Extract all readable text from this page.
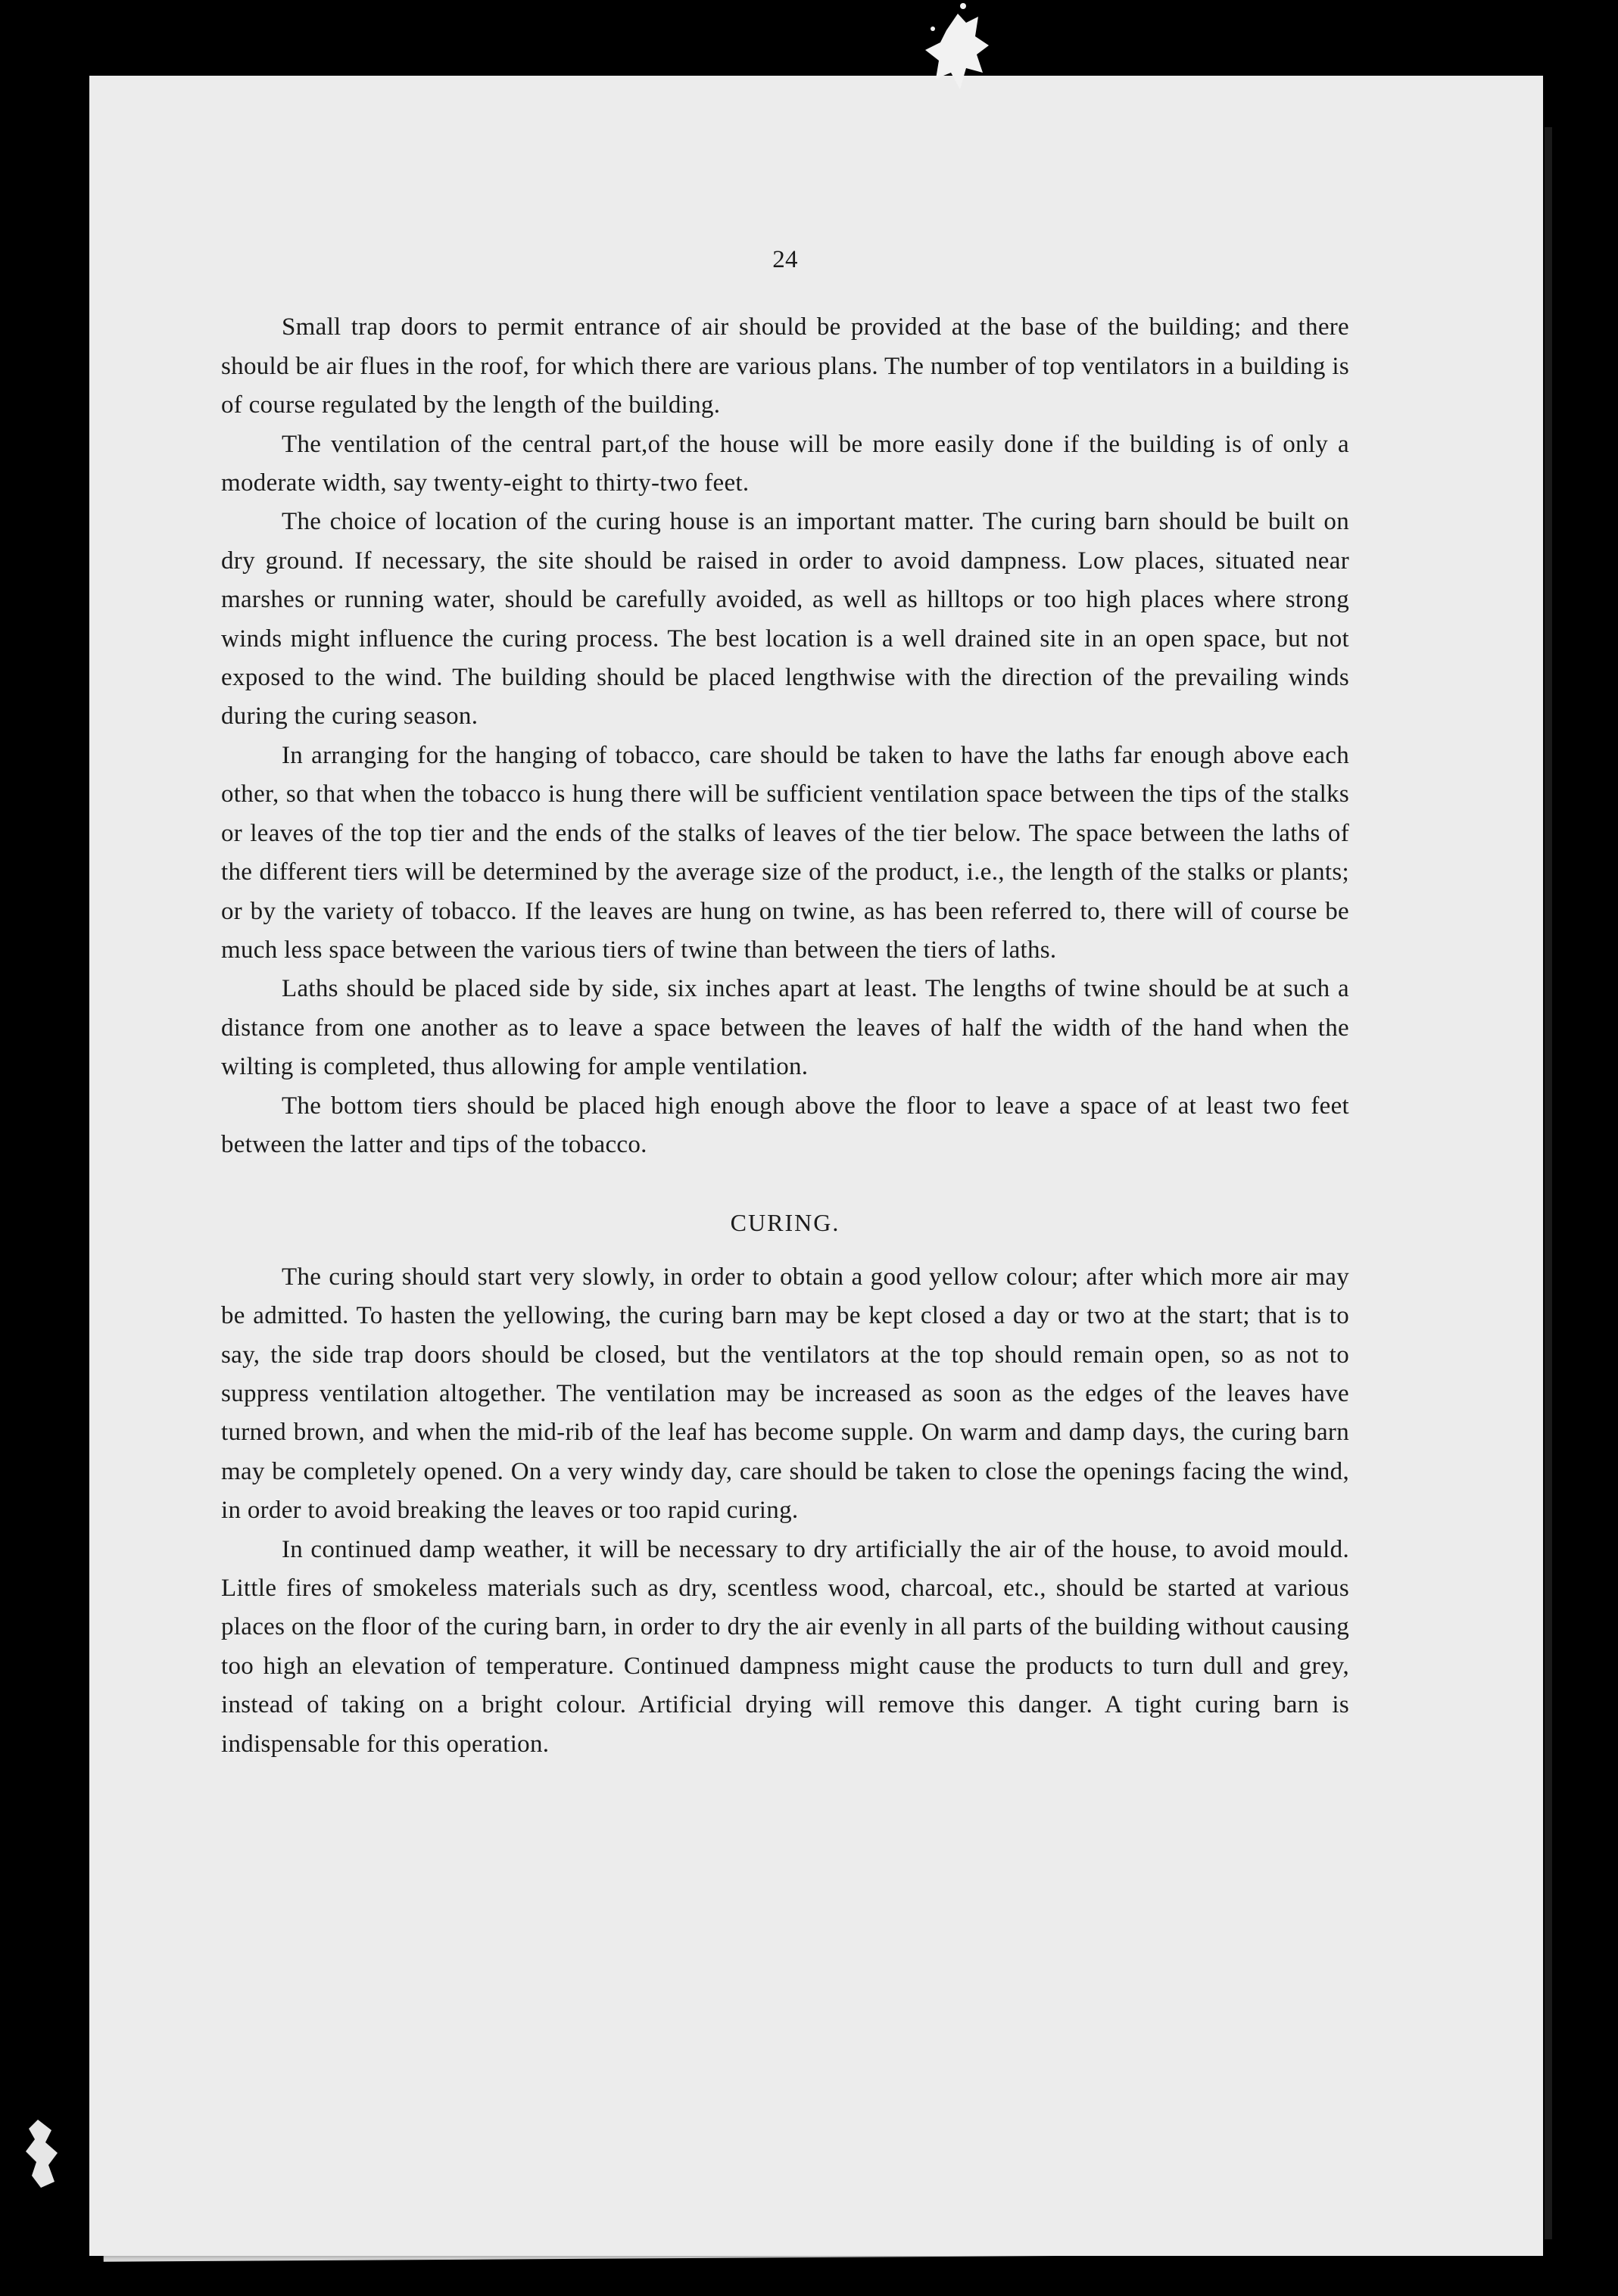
24

Small trap doors to permit entrance of air should be provided at the base of the building; and there should be air flues in the roof, for which there are various plans. The number of top ventilators in a building is of course regulated by the length of the building.

The ventilation of the central part,of the house will be more easily done if the building is of only a moderate width, say twenty-eight to thirty-two feet.

The choice of location of the curing house is an important matter. The curing barn should be built on dry ground. If necessary, the site should be raised in order to avoid dampness. Low places, situated near marshes or running water, should be carefully avoided, as well as hilltops or too high places where strong winds might influence the curing process. The best location is a well drained site in an open space, but not exposed to the wind. The building should be placed lengthwise with the direction of the prevailing winds during the curing season.

In arranging for the hanging of tobacco, care should be taken to have the laths far enough above each other, so that when the tobacco is hung there will be sufficient ventilation space between the tips of the stalks or leaves of the top tier and the ends of the stalks of leaves of the tier below. The space between the laths of the different tiers will be determined by the average size of the product, i.e., the length of the stalks or plants; or by the variety of tobacco. If the leaves are hung on twine, as has been referred to, there will of course be much less space between the various tiers of twine than between the tiers of laths.

Laths should be placed side by side, six inches apart at least. The lengths of twine should be at such a distance from one another as to leave a space between the leaves of half the width of the hand when the wilting is completed, thus allowing for ample ventilation.

The bottom tiers should be placed high enough above the floor to leave a space of at least two feet between the latter and tips of the tobacco.

CURING.

The curing should start very slowly, in order to obtain a good yellow colour; after which more air may be admitted. To hasten the yellowing, the curing barn may be kept closed a day or two at the start; that is to say, the side trap doors should be closed, but the ventilators at the top should remain open, so as not to suppress ventilation altogether. The ventilation may be increased as soon as the edges of the leaves have turned brown, and when the mid-rib of the leaf has become supple. On warm and damp days, the curing barn may be completely opened. On a very windy day, care should be taken to close the openings facing the wind, in order to avoid breaking the leaves or too rapid curing.

In continued damp weather, it will be necessary to dry artificially the air of the house, to avoid mould. Little fires of smokeless materials such as dry, scentless wood, charcoal, etc., should be started at various places on the floor of the curing barn, in order to dry the air evenly in all parts of the building without causing too high an elevation of temperature. Continued dampness might cause the products to turn dull and grey, instead of taking on a bright colour. Artificial drying will remove this danger. A tight curing barn is indispensable for this operation.
